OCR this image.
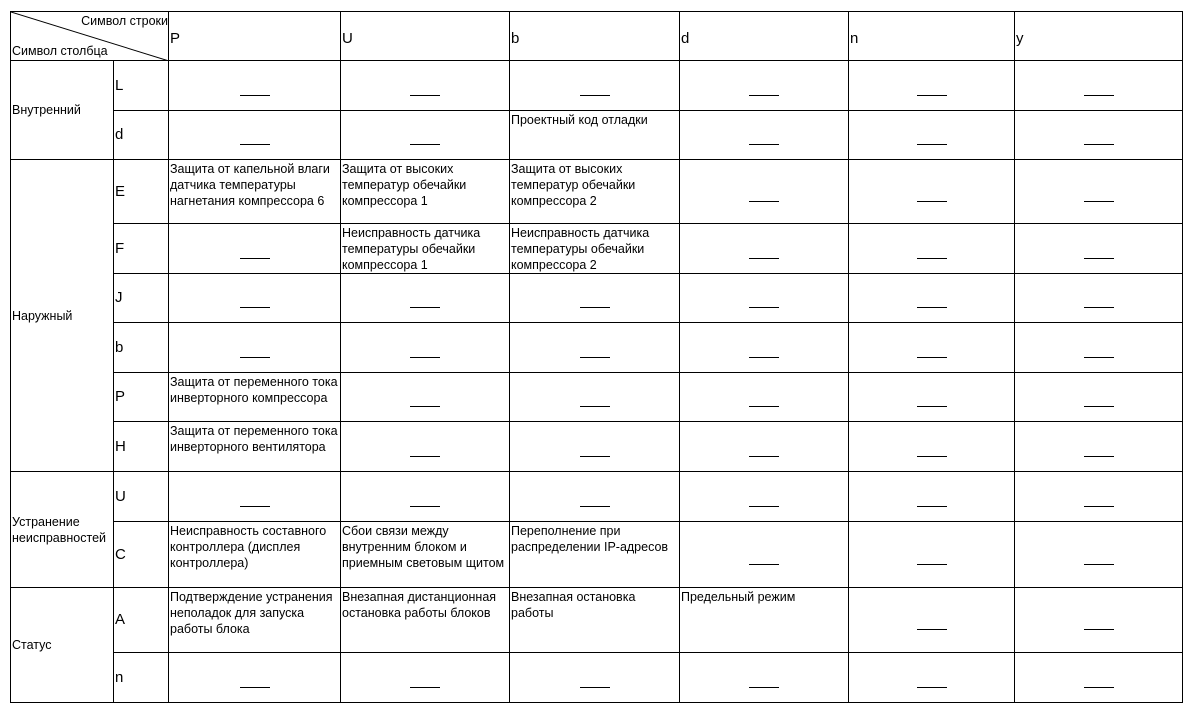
Символ строки
Символ столбца		P	U	b	d	n	y
Внутренний	L						
	d			Проектный код отладки			
Наружный	E	Защита от капельной влаги датчика температуры нагнетания компрессора 6	Защита от высоких температур обечайки компрессора 1	Защита от высоких температур обечайки компрессора 2			
	F		Неисправность датчика температуры обечайки компрессора 1	Неисправность датчика температуры обечайки компрессора 2			
	J						
	b						
	P	Защита от переменного тока инверторного компрессора					
	H	Защита от переменного тока инверторного вентилятора					
Устранение неисправностей	U						
	C	Неисправность составного контроллера (дисплея контроллера)	Сбои связи между внутренним блоком и приемным световым щитом	Переполнение при распределении IP-адресов			
Статус	A	Подтверждение устранения неполадок для запуска работы блока	Внезапная дистанционная остановка работы блоков	Внезапная остановка работы	Предельный режим		
	n						
